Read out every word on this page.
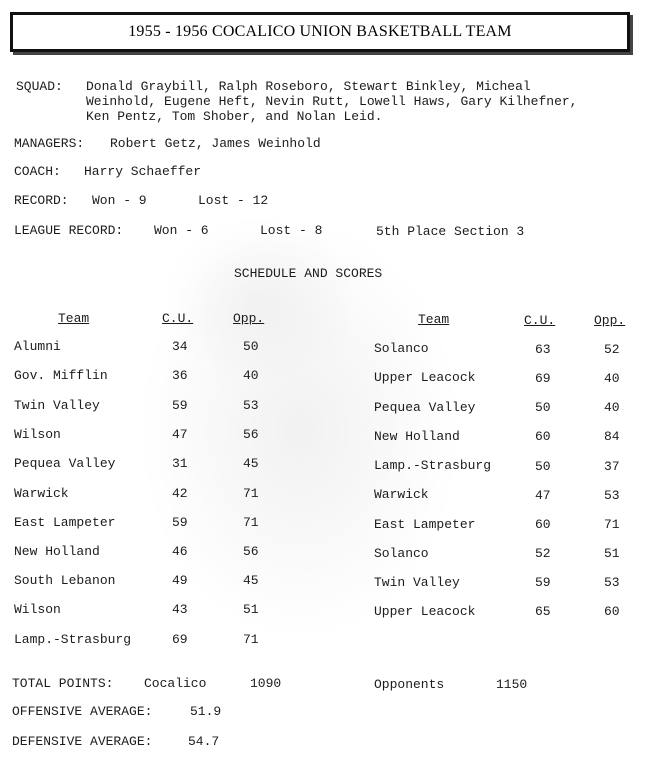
1955 - 1956 COCALICO UNION BASKETBALL TEAM
SQUAD: Donald Graybill, Ralph Roseboro, Stewart Binkley, Micheal
Weinhold, Eugene Heft, Nevin Rutt, Lowell Haws, Gary Kilhefner,
Ken Pentz, Tom Shober, and Nolan Leid.
MANAGERS: Robert Getz, James Weinhold
COACH: Harry Schaeffer
RECORD: Won - 9	Lost - 12
LEAGUE RECORD: Won - 6	Lost - 8	5th Place Section 3
SCHEDULE AND SCORES
Team	C.U.	Opp.	Team	C.U.	Opp.
Alumni	34	50
Gov. Mifflin	36	40
Twin Valley	59	53
Wilson	47	56
Pequea Valley	31	45
Warwick	42	71
East Lampeter	59	71
New Holland	46	56
South Lebanon	49	45
Wilson	43	51
Lamp.-Strasburg	69	71
Solanco	63	52
Upper Leacock	69	40
Pequea Valley	50	40
New Holland	60	84
Lamp.-Strasburg	50	37
Warwick	47	53
East Lampeter	60	71
Solanco	52	51
Twin Valley	59	53
Upper Leacock	65	60
TOTAL POINTS: Cocalico	1090	Opponents	1150
OFFENSIVE AVERAGE:	51.9
DEFENSIVE AVERAGE:	54.7
